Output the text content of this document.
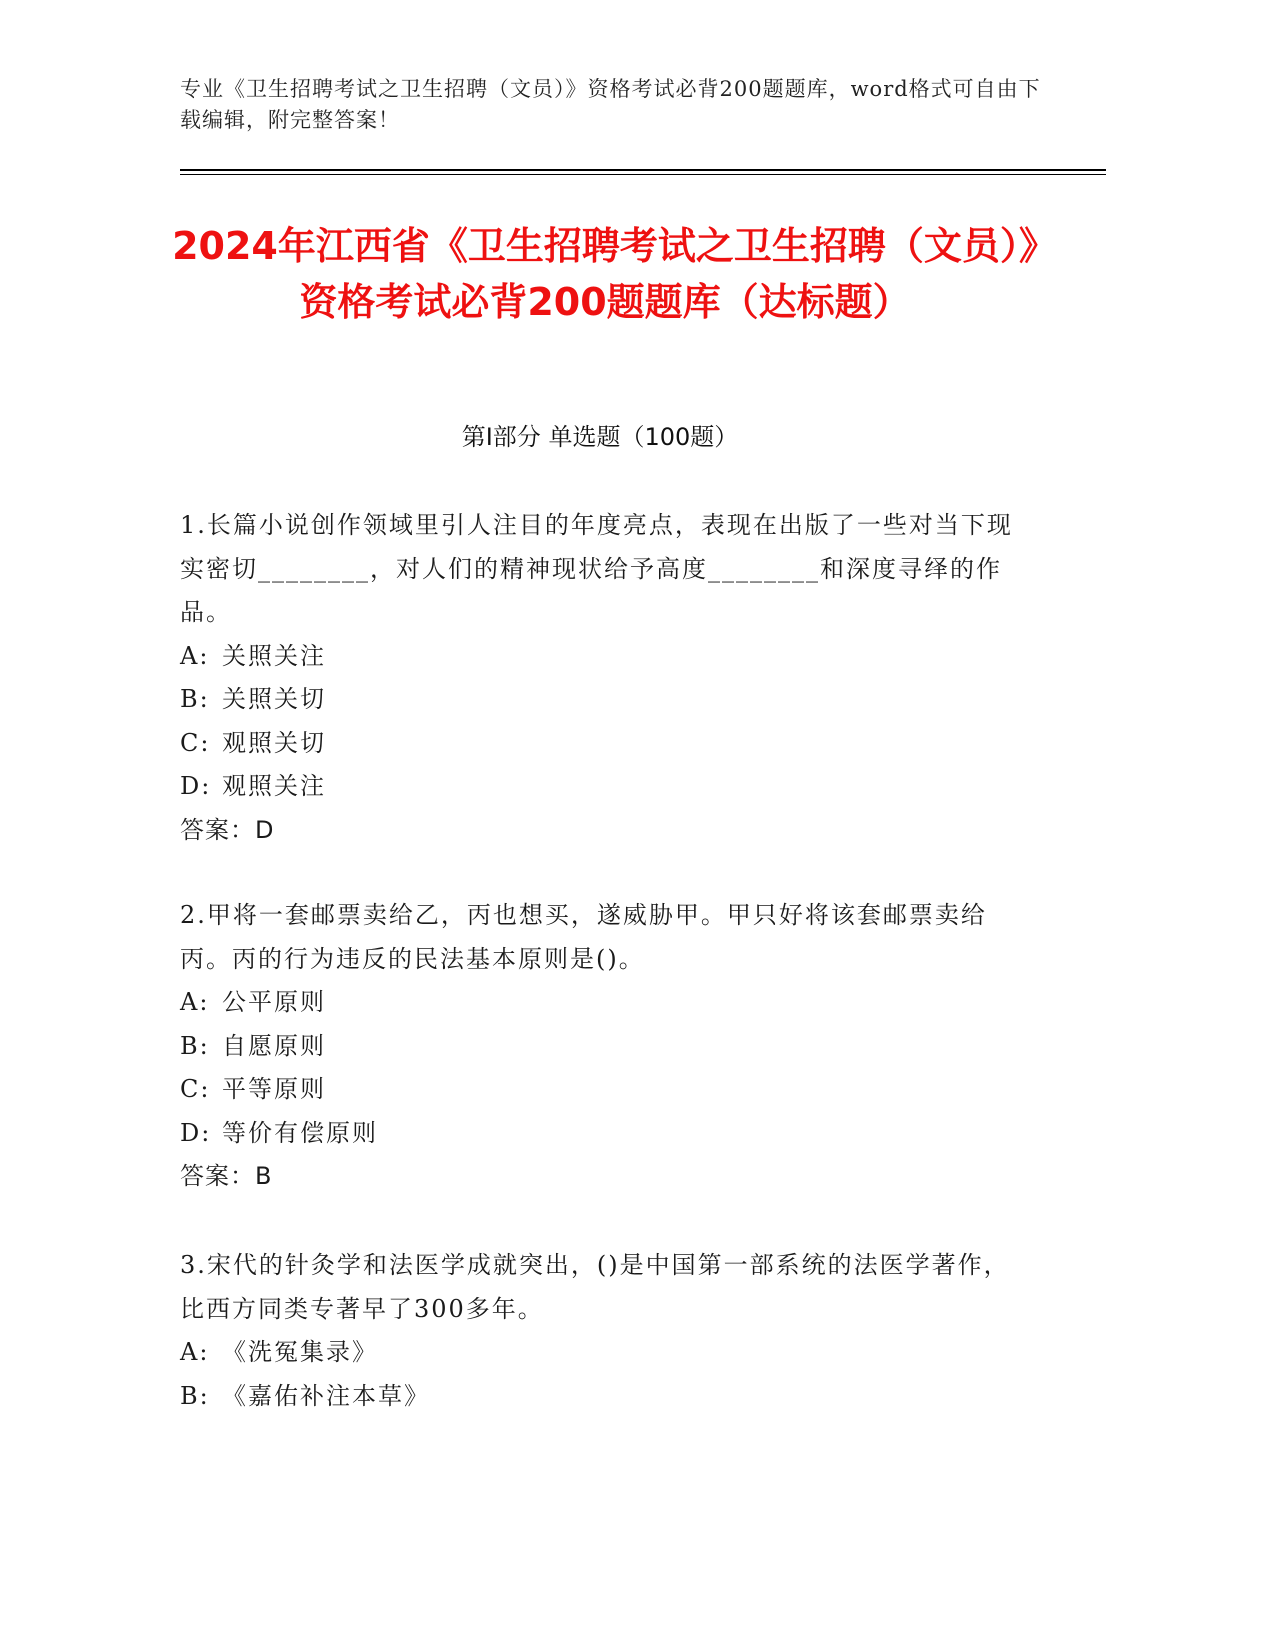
专业《卫生招聘考试之卫生招聘（文员）》资格考试必背200题题库，word格式可自由下载编辑，附完整答案！
2024年江西省《卫生招聘考试之卫生招聘（文员）》资格考试必背200题题库（达标题）
第I部分 单选题（100题）

1.长篇小说创作领域里引人注目的年度亮点，表现在出版了一些对当下现实密切________，对人们的精神现状给予高度________和深度寻绎的作品。

A: 关照关注

B: 关照关切

C: 观照关切

D: 观照关注

答案：D

2.甲将一套邮票卖给乙，丙也想买，遂威胁甲。甲只好将该套邮票卖给丙。丙的行为违反的民法基本原则是()。

A: 公平原则

B: 自愿原则

C: 平等原则

D: 等价有偿原则

答案：B

3.宋代的针灸学和法医学成就突出，()是中国第一部系统的法医学著作，比西方同类专著早了300多年。

A: 《洗冤集录》

B: 《嘉佑补注本草》
